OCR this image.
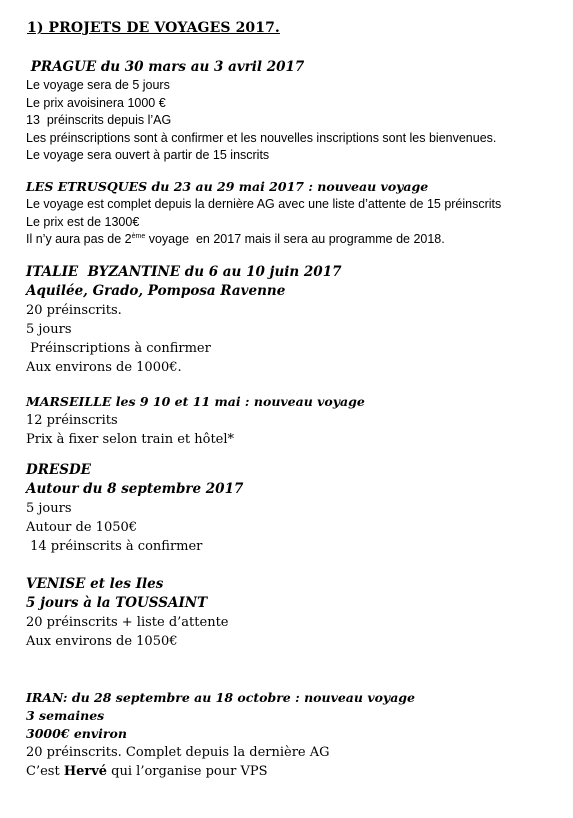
1) PROJETS DE VOYAGES 2017.
PRAGUE du 30 mars au 3 avril 2017
Le voyage sera de 5 jours
Le prix avoisinera 1000 €
13  préinscrits depuis l’AG
Les préinscriptions sont à confirmer et les nouvelles inscriptions sont les bienvenues.
Le voyage sera ouvert à partir de 15 inscrits
LES ETRUSQUES du 23 au 29 mai 2017 : nouveau voyage
Le voyage est complet depuis la dernière AG avec une liste d’attente de 15 préinscrits
Le prix est de 1300€
Il n’y aura pas de 2ème voyage  en 2017 mais il sera au programme de 2018.
ITALIE  BYZANTINE du 6 au 10 juin 2017
Aquilée, Grado, Pomposa Ravenne
20 préinscrits.
5 jours
Préinscriptions à confirmer
Aux environs de 1000€.
MARSEILLE les 9 10 et 11 mai : nouveau voyage
12 préinscrits
Prix à fixer selon train et hôtel*
DRESDE
Autour du 8 septembre 2017
5 jours
Autour de 1050€
14 préinscrits à confirmer
VENISE et les Iles
5 jours à la TOUSSAINT
20 préinscrits + liste d’attente
Aux environs de 1050€
IRAN: du 28 septembre au 18 octobre : nouveau voyage
3 semaines
3000€ environ
20 préinscrits. Complet depuis la dernière AG
C’est Hervé qui l’organise pour VPS
